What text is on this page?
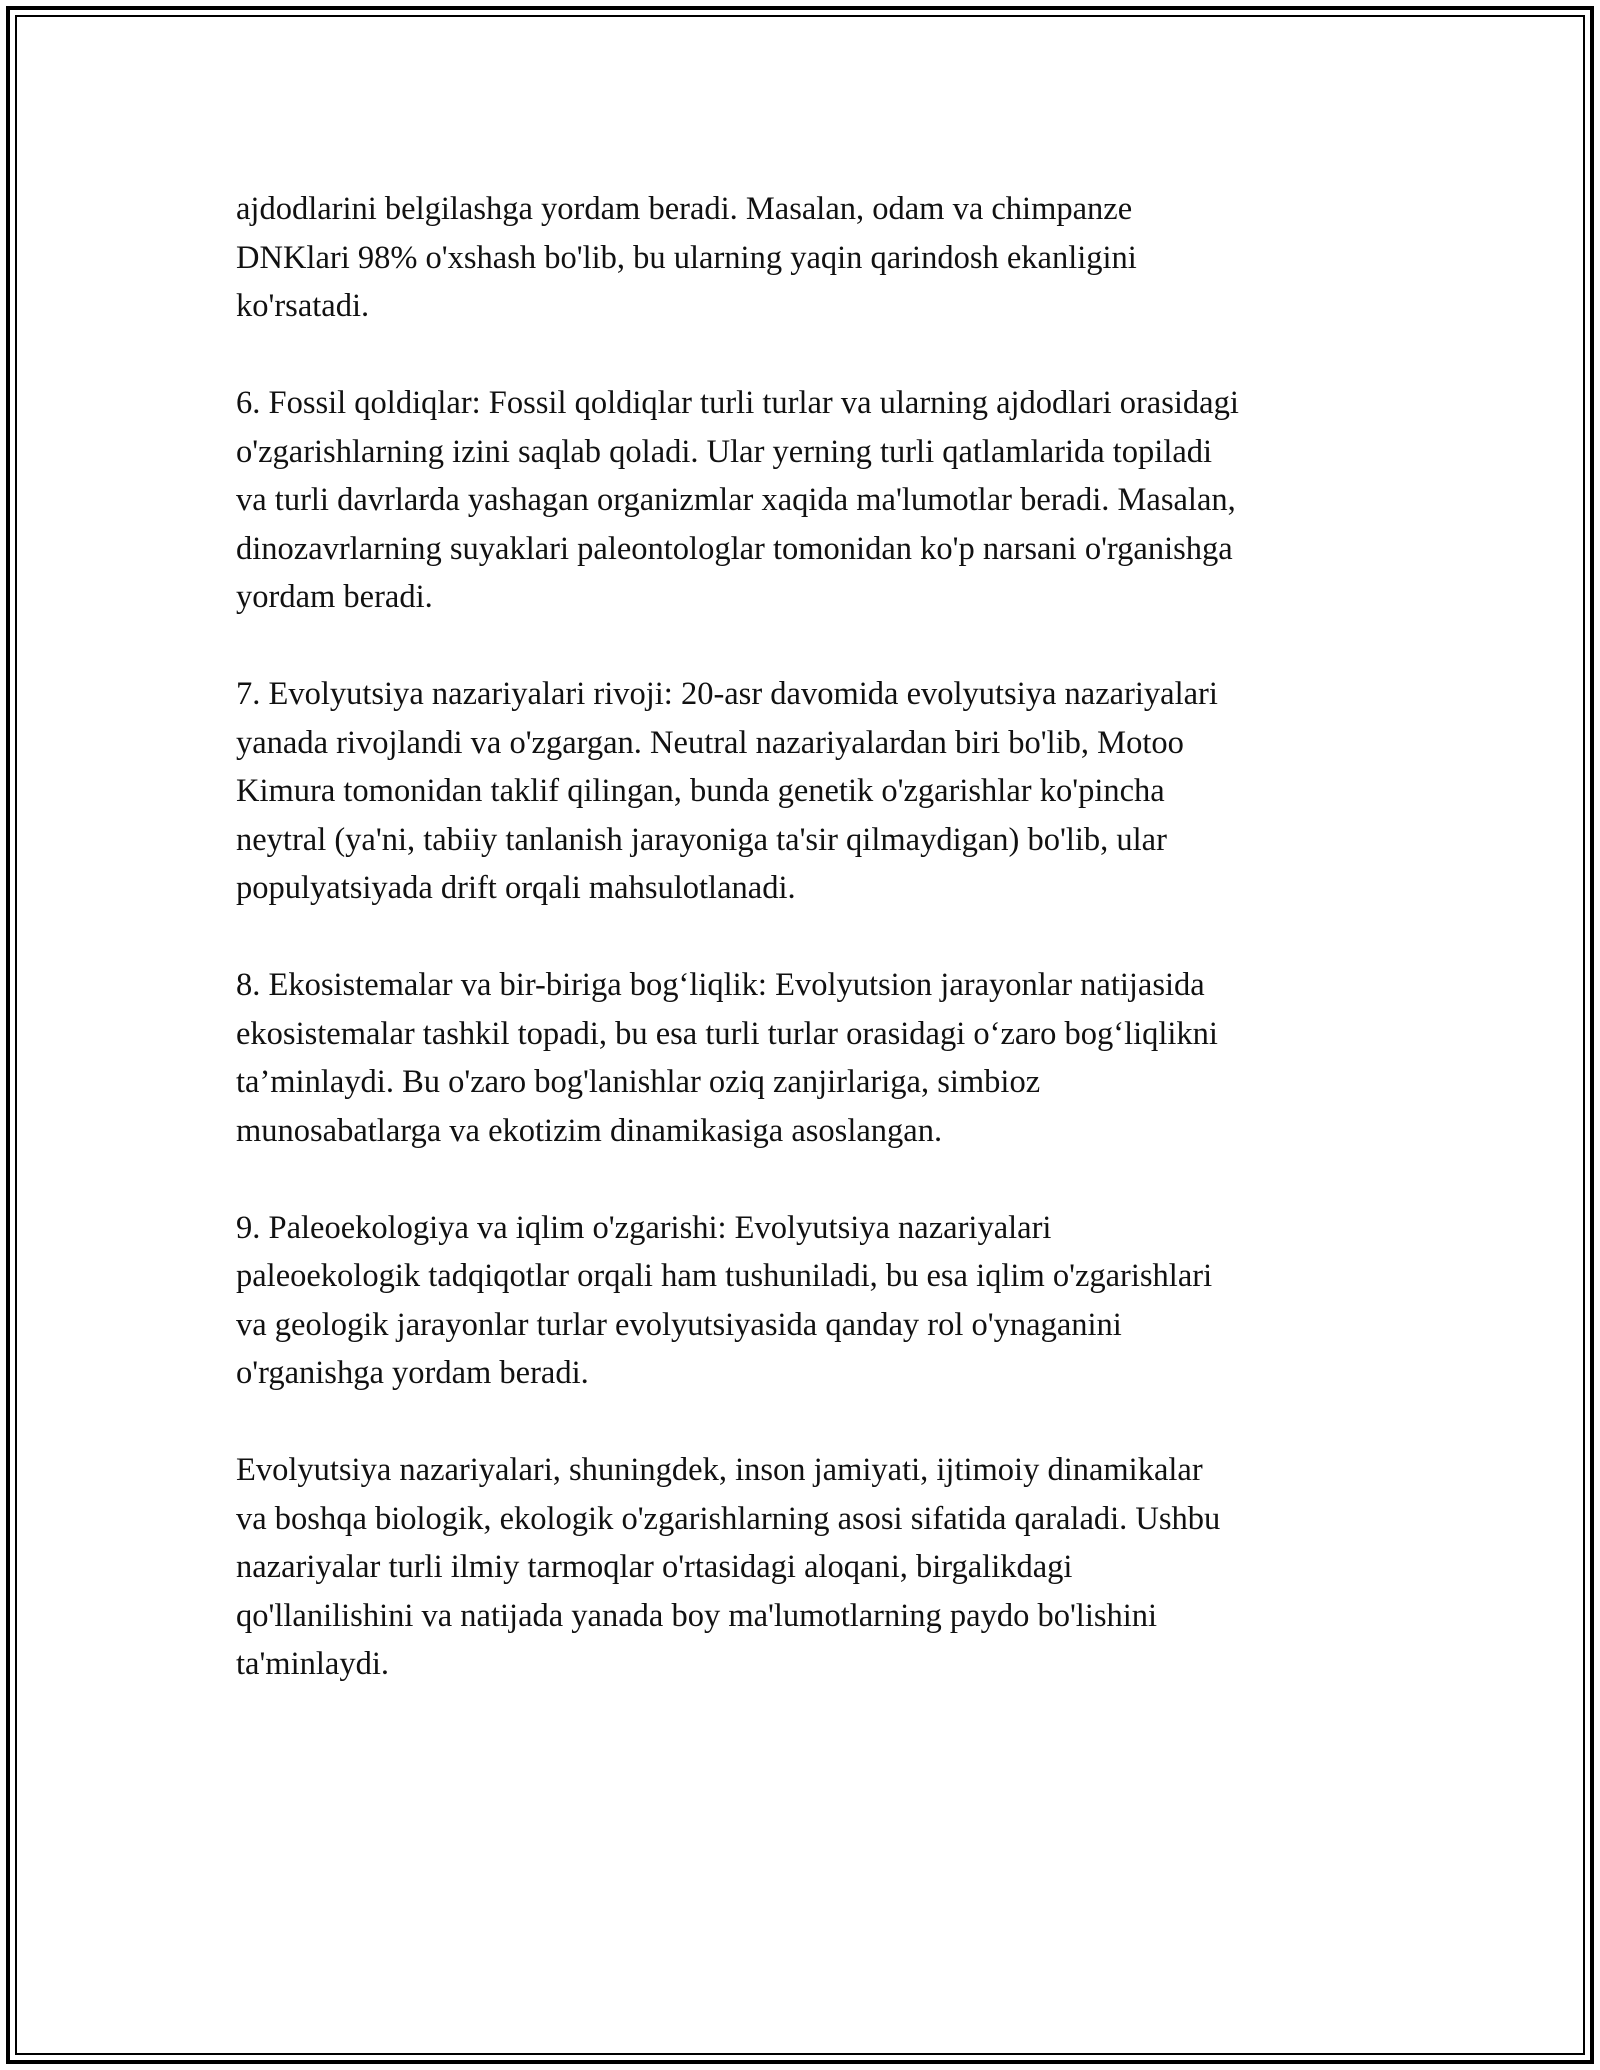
ajdodlarini belgilashga yordam beradi. Masalan, odam va chimpanze
DNKlari 98% o'xshash bo'lib, bu ularning yaqin qarindosh ekanligini
ko'rsatadi.

6. Fossil qoldiqlar: Fossil qoldiqlar turli turlar va ularning ajdodlari orasidagi
o'zgarishlarning izini saqlab qoladi. Ular yerning turli qatlamlarida topiladi
va turli davrlarda yashagan organizmlar xaqida ma'lumotlar beradi. Masalan,
dinozavrlarning suyaklari paleontologlar tomonidan ko'p narsani o'rganishga
yordam beradi.

7. Evolyutsiya nazariyalari rivoji: 20-asr davomida evolyutsiya nazariyalari
yanada rivojlandi va o'zgargan. Neutral nazariyalardan biri bo'lib, Motoo
Kimura tomonidan taklif qilingan, bunda genetik o'zgarishlar ko'pincha
neytral (ya'ni, tabiiy tanlanish jarayoniga ta'sir qilmaydigan) bo'lib, ular
populyatsiyada drift orqali mahsulotlanadi.

8. Ekosistemalar va bir-biriga bog‘liqlik: Evolyutsion jarayonlar natijasida
ekosistemalar tashkil topadi, bu esa turli turlar orasidagi o‘zaro bog‘liqlikni
ta’minlaydi. Bu o'zaro bog'lanishlar oziq zanjirlariga, simbioz
munosabatlarga va ekotizim dinamikasiga asoslangan.

9. Paleoekologiya va iqlim o'zgarishi: Evolyutsiya nazariyalari
paleoekologik tadqiqotlar orqali ham tushuniladi, bu esa iqlim o'zgarishlari
va geologik jarayonlar turlar evolyutsiyasida qanday rol o'ynaganini
o'rganishga yordam beradi.

Evolyutsiya nazariyalari, shuningdek, inson jamiyati, ijtimoiy dinamikalar
va boshqa biologik, ekologik o'zgarishlarning asosi sifatida qaraladi. Ushbu
nazariyalar turli ilmiy tarmoqlar o'rtasidagi aloqani, birgalikdagi
qo'llanilishini va natijada yanada boy ma'lumotlarning paydo bo'lishini
ta'minlaydi.
